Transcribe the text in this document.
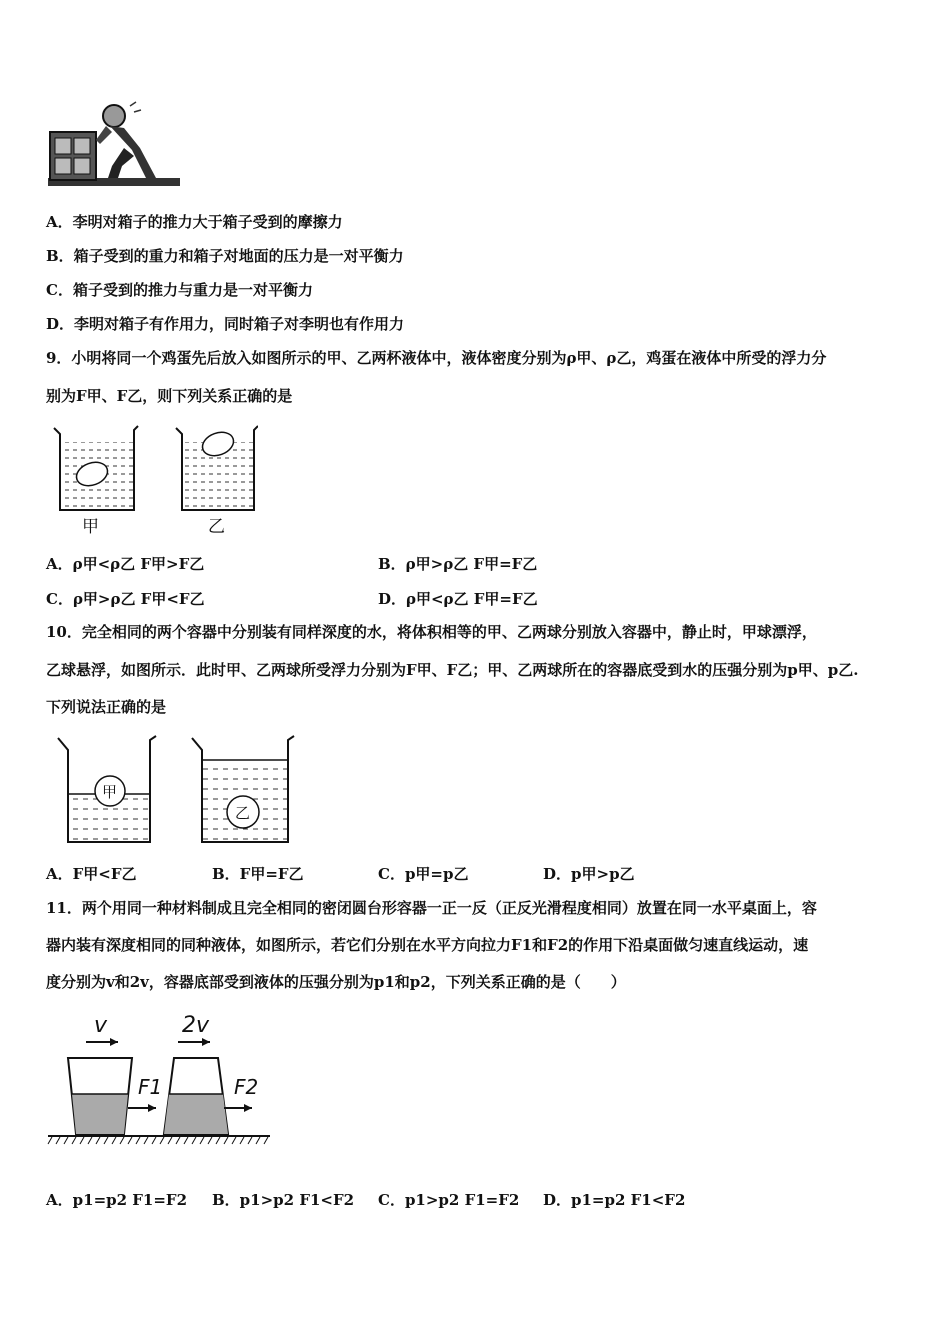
A．李明对箱子的推力大于箱子受到的摩擦力
B．箱子受到的重力和箱子对地面的压力是一对平衡力
C．箱子受到的推力与重力是一对平衡力
D．李明对箱子有作用力，同时箱子对李明也有作用力
9．小明将同一个鸡蛋先后放入如图所示的甲、乙两杯液体中，液体密度分别为ρ甲、ρ乙，鸡蛋在液体中所受的浮力分
别为F甲、F乙，则下列关系正确的是
甲	乙
A．ρ甲<ρ乙 F甲>F乙	B．ρ甲>ρ乙 F甲=F乙
C．ρ甲>ρ乙 F甲<F乙	D．ρ甲<ρ乙 F甲=F乙
10．完全相同的两个容器中分别装有同样深度的水，将体积相等的甲、乙两球分别放入容器中，静止时，甲球漂浮，
乙球悬浮，如图所示．此时甲、乙两球所受浮力分别为F甲、F乙；甲、乙两球所在的容器底受到水的压强分别为p甲、p乙.
下列说法正确的是
甲
乙
A．F甲<F乙	B．F甲=F乙	C．p甲=p乙	D．p甲>p乙
11．两个用同一种材料制成且完全相同的密闭圆台形容器一正一反（正反光滑程度相同）放置在同一水平桌面上，容
器内装有深度相同的同种液体，如图所示，若它们分别在水平方向拉力F1和F2的作用下沿桌面做匀速直线运动，速
度分别为v和2v，容器底部受到液体的压强分别为p1和p2，下列关系正确的是（　　）
v	2v
F1	F2
A．p1=p2 F1=F2 B．p1>p2 F1<F2 C．p1>p2 F1=F2 D．p1=p2 F1<F2
